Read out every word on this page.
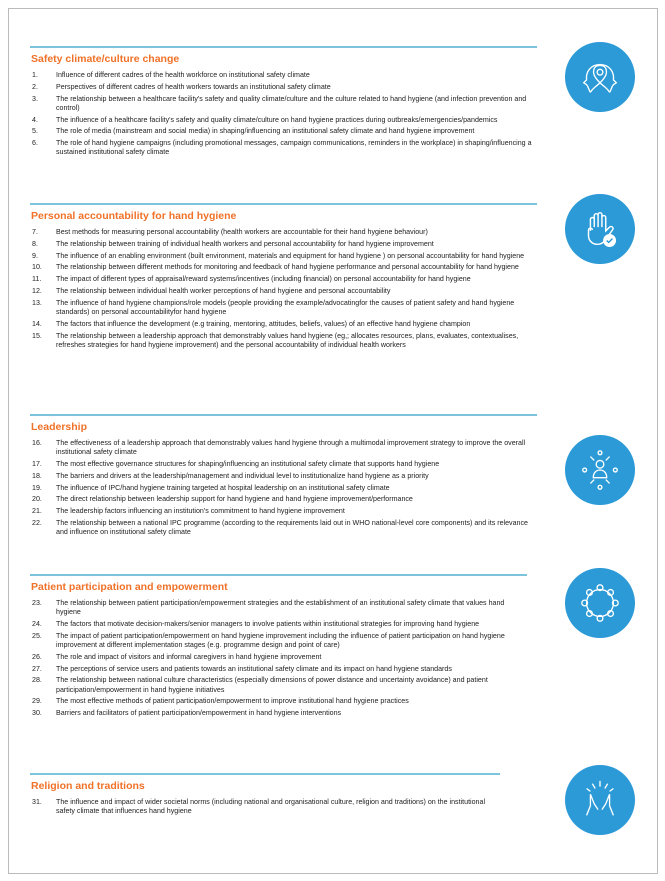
Safety climate/culture change
1.	Influence of different cadres of the health workforce on institutional safety climate
2.	Perspectives of different cadres of health workers towards an institutional safety climate
3.	The relationship between a healthcare facility's safety and quality climate/culture and the culture related to hand hygiene (and infection prevention and control)
4.	The influence of a healthcare facility's safety and quality climate/culture on hand hygiene practices during outbreaks/emergencies/pandemics
5.	The role of media (mainstream and social media) in shaping/influencing an institutional safety climate and hand hygiene improvement
6.	The role of hand hygiene campaigns (including promotional messages, campaign communications, reminders in the workplace) in shaping/influencing a sustained institutional safety climate
Personal accountability for hand hygiene
7.	Best methods for measuring personal accountability (health workers are accountable for their hand hygiene behaviour)
8.	The relationship between training of individual health workers and personal accountability for hand hygiene improvement
9.	The influence of an enabling environment (built environment, materials and equipment for hand hygiene ) on personal accountability for hand hygiene
10.	The relationship between different methods for monitoring and feedback of hand hygiene performance and personal accountability for hand hygiene
11.	The impact of different types of appraisal/reward systems/incentives (including financial) on personal accountability for hand hygiene
12.	The relationship between individual health worker perceptions of hand hygiene and personal accountability
13.	The influence of hand hygiene champions/role models (people providing the example/advocatingfor the causes of patient safety and hand hygiene standards) on personal accountabilityfor hand hygiene
14.	The factors that influence the development (e.g training, mentoring, attitudes, beliefs, values) of an effective hand hygiene champion
15.	The relationship between a leadership approach that demonstrably values hand hygiene (eg,; allocates resources, plans, evaluates, contextualises, refreshes strategies for hand hygiene improvement) and the personal accountability of individual health workers
Leadership
16.	The effectiveness of a leadership approach that demonstrably values hand hygiene through a multimodal improvement strategy to improve the overall institutional safety climate
17.	The most effective governance structures for shaping/influencing an institutional safety climate that supports hand hygiene
18.	The barriers and drivers at the leadership/management and individual level to institutionalize hand hygiene as a priority
19.	The influence of IPC/hand hygiene training targeted at hospital leadership on an institutional safety climate
20.	The direct relationship between leadership support for hand hygiene and hand hygiene improvement/performance
21.	The leadership factors influencing an institution's commitment to hand hygiene improvement
22.	The relationship between a national IPC programme (according to the requirements laid out in WHO national-level core components) and its relevance and influence on institutional safety climate
Patient participation and empowerment
23.	The relationship between patient participation/empowerment strategies and the establishment of an institutional safety climate that values hand hygiene
24.	The factors that motivate decision-makers/senior managers to involve patients within institutional strategies for improving hand hygiene
25.	The impact of patient participation/empowerment on hand hygiene improvement including the influence of patient participation on hand hygiene improvement at different implementation stages (e.g. programme design and point of care)
26.	The role and impact of visitors and informal caregivers in hand hygiene improvement
27.	The perceptions of service users and patients towards an institutional safety climate and its impact on hand hygiene standards
28.	The relationship between national culture characteristics (especially dimensions of power distance and uncertainty avoidance) and patient participation/empowerment in hand hygiene initiatives
29.	The most effective methods of patient participation/empowerment to improve institutional hand hygiene practices
30.	Barriers and facilitators of patient participation/empowerment in hand hygiene interventions
Religion and traditions
31.	The influence and impact of wider societal norms (including national and organisational culture, religion and traditions) on the institutional safety climate that influences hand hygiene
